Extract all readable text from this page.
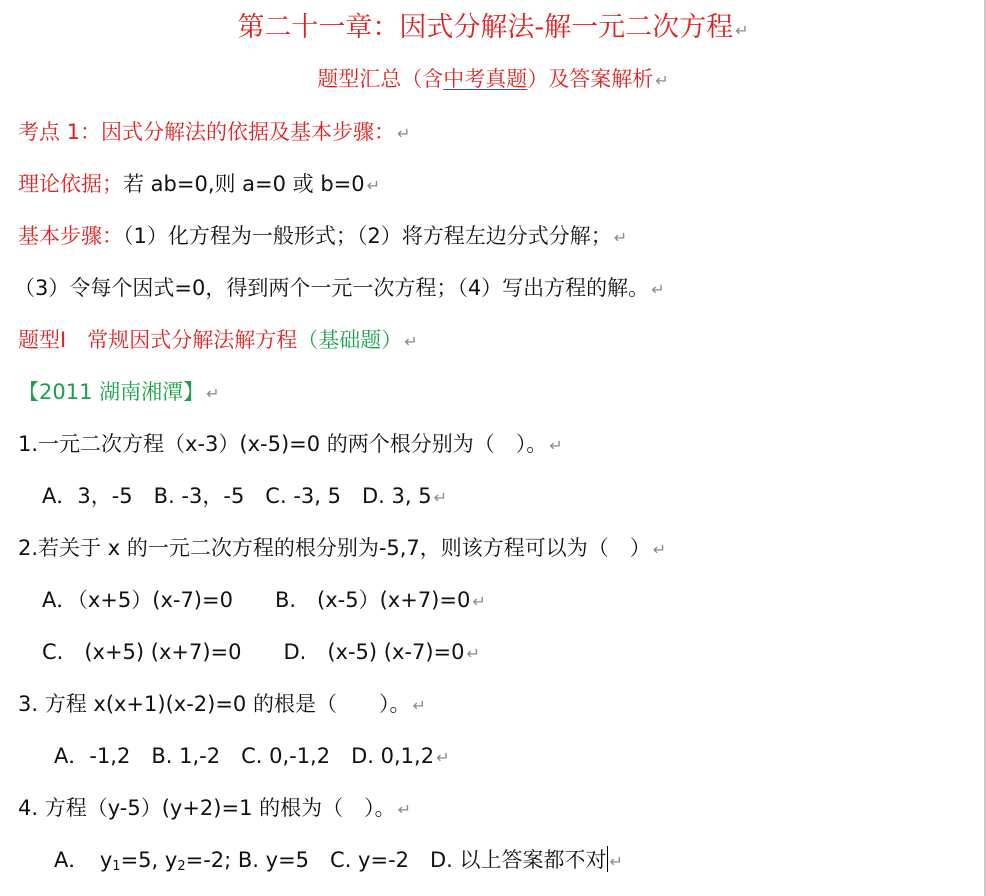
第二十一章：因式分解法-解一元二次方程 ↵
题型汇总（含中考真题）及答案解析 ↵
考点 1：因式分解法的依据及基本步骤： ↵
理论依据；若 ab=0,则 a=0 或 b=0 ↵
基本步骤：（1）化方程为一般形式；（2）将方程左边分式分解； ↵
（3）令每个因式=0，得到两个一元一次方程；（4）写出方程的解。 ↵
题型Ⅰ　常规因式分解法解方程（基础题） ↵
【2011 湖南湘潭】 ↵
1.一元二次方程（x-3）(x-5)=0 的两个根分别为（　）。 ↵
A．3，-5　B. -3，-5　C. -3, 5　D. 3, 5 ↵
2.若关于 x 的一元二次方程的根分别为-5,7，则该方程可以为（　） ↵
A．（x+5）(x-7)=0　　B.　(x-5）(x+7)=0 ↵
C.　(x+5) (x+7)=0　　D.　(x-5) (x-7)=0 ↵
3. 方程 x(x+1)(x-2)=0 的根是（　　）。 ↵
A．-1,2　B. 1,-2　C. 0,-1,2　D. 0,1,2 ↵
4. 方程（y-5）(y+2)=1 的根为（　）。 ↵
A．　$y_1=5$, $y_2=-2$; B. y=5　C. y=-2　D. 以上答案都不对 ↵
